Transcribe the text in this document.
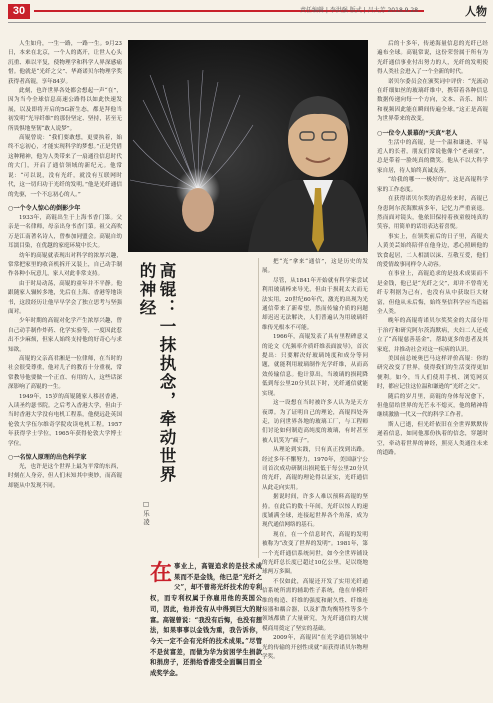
30	责任编辑 | 李洪强 版式 | 吕大芳 2018.9.28	人物

人生如舟，一生一路，一路一生。9月23日，本来在北京，一个人的离开，让世人心头沉重、难以平复，使物理学和科学人界深感痛惜。他就是“光纤之父”、华裔诺贝尔物理学奖获得者高锟，享年84岁。

此刻，也许世界各处都会想起一声“在”，因为当今全球信息高速公路得以如此快速发展，以及即将开启的5G新生态，都是拜他当初发明“光导纤维”的那份坚定、坚持，甚至无所畏惧地坚韧“敢人说梦”。

高锟曾说：“我们要敢想，更要执着，始终不忘初心，才能实现科学的梦想。”正是凭借这种精神，他为人类带来了一扇通往信息时代的大门，开启了通信领域的新纪元。他常说：“可以说，没有光纤，就没有互联网时代，这一切归功于光纤的发明。”他是光纤通信的先驱，一个不忘初心的人。”

○一个令人惊心的倒影少年

1933年，高锟出生于上海书香门第。父亲是一名律师，母亲出身书香门第。祖父高吹万是江南著名诗人，曾参加同盟会。高锟自幼耳濡目染，在优越的家庭环境中长大。

幼年的高锟就表现出对科学的浓厚兴趣，常常把家里的收音机拆开又装上，自己动手制作各种小玩意儿，家人对此非常支持。

由于时局动荡，高锟的童年并不平静。他跟随家人辗转多地，先后在上海、香港等地读书，这段经历让他早早学会了独立思考与坚强面对。

少年时期的高锟对化学产生浓厚兴趣，曾自己动手制作炸药、化学实验等，一度因此惹出不少麻烦，但家人始终支持他的好奇心与求知欲。

高锟的父亲高君湘是一位律师，在当时的社会很受尊重，他对儿子的教育十分重视，常常教导他要做一个正直、有用的人，这些话深深影响了高锟的一生。

1949年，15岁的高锟随家人移居香港，入读圣约瑟书院。之后考入香港大学，但由于当时香港大学没有电机工程系，他便远赴英国伦敦大学伍尔维奇学院攻读电机工程。1957年获得学士学位，1965年获得伦敦大学博士学位。

○一名惊人原理的出色科学家

光，也许是这个世界上最为平常的东西，时刻在人身旁，但人们未知其中奥妙，而高锟却能从中发现不同。

高锟：一抹执念，牵动世界的神经
□乐凌
在 事业上，高锟追求的是技术成果而不是金钱，他已是“光纤之父”，却不曾将光纤技术的专利权，而专利权属于你雇用他的英国公司，因此，他并没有从中得到巨大的财富。高锟曾说：“我没有后悔，也没有想法，如果事事以金钱为重，我告诉你，今天一定不会有光纤的技术成果。”尽管不是贫富差，而做为华为贫困学生捐款和捐房子，还捐给香港受全面瞩目而全成奖学金。

把“光”拿来“通信”，这是历史的发展。

尽管，从1841年开始就有科学家尝试利用玻璃棒来导光，但由于损耗太大而无法实用。20世纪60年代，激光的出现为光通信带来了新希望，然而传输介质的问题却迟迟无法解决，人们普遍认为用玻璃纤维传光根本不可能。

1966年，高锟发表了具有里程碑意义的论文《光频率介质纤维表面波导》，首次提出：只要解决好玻璃纯度和成分等问题，就能利用玻璃制作光学纤维，从而高效传输信息。他计算出，当玻璃的损耗降低到每公里20分贝以下时，光纤通信就能实现。

这一设想在当时被许多人认为是天方夜谭。为了证明自己的理论，高锟四处奔走，访问世界各地的玻璃工厂，与工程师们讨论如何制造高纯度的玻璃，有时甚至被人讥笑为“疯子”。

从理论到实践，只有真正找到出路。经过多年不懈努力，1970年，美国康宁公司首次成功研制出损耗低于每公里20分贝的光纤，高锟的理论得以证实，光纤通信从此走向实用。

据说时间，许多人难以预料高锟的坚持。在此后的数十年间，光纤以惊人的速度铺满全球，连接起世界各个角落，成为现代通信网络的基石。

现在，在一个信息时代，高锟的发明被称为“改变了世界的发明”。1981年，第一个光纤通信系统问世，如今全世界铺设的光纤总长度已超过10亿公里，足以绕地球两万多圈。

不仅如此，高锟还开发了实用光纤通信系统所需的辅助性子系统，他在单模纤维的构造、纤维的强度和耐久性、纤维连接器和耦合器，以及扩散均衡特性等多个领域都做了大量研究，为光纤通信的大规模商用奠定了坚实的基础。

2009年，高锟因“在光学通信领域中光的传输的开创性成就”而获得诺贝尔物理学奖。

后的十多年，传递海量信息的光纤已经遍布全球。高锟常说，这份荣誉属于所有为光纤通信事业付出努力的人，光纤的发明使得人类社会进入了一个全新的时代。

诺贝尔委员会在颁奖词中评价：“光流动在纤细如丝的玻璃纤维中，携带着各种信息数据传递向每一个方向，文本、音乐、图片和视频因此能在瞬间传遍全球。”这正是高锟为世界带来的改变。

○一位令人景慕的“天真”老人

生活中的高锟，是一个温和谦逊、平易近人的长者，朋友们常说他像个“老顽童”，总是带着一脸纯真的微笑。他从不以大科学家自居，待人始终真诚友善。

“给我的哪一一极好的”，这是高锟科学家的工作态度。

在获得诺贝尔奖的消息传来时，高锟已身患阿尔茨海默病多年，记忆力严重衰退。然而面对镜头，他依旧保持着孩童般纯真的笑容，用简单的话语表达着喜悦。

事实上，在领奖前后的日子里，高锟夫人黄美芸始终陪伴在他身边，悉心照顾他的饮食起居，二人相濡以沫、互敬互爱，他们的爱情故事同样令人动容。

在事业上，高锟追求的是技术成果而不是金钱，他已是“光纤之父”，却并不曾将光纤专利据为己有，也没有从中获取巨大财富，但他从未后悔，始终坚信科学应当造福全人类。

晚年的高锟将诺贝尔奖奖金的大部分用于治疗和研究阿尔茨海默病，夫妇二人还成立了“高锟慈善基金”，帮助更多的患者及其家庭，并推动社会对这一疾病的认识。

美国前总统奥巴马这样评价高锟：你的研究改变了世界，使得我们的生活变得更加便利。如今，当人们使用手机、浏览网页时，都应记住这位温和谦逊的“光纤之父”。

随后的岁月里，高锟的身体每况愈下，但他留给世界的光芒永不熄灭，他的精神将继续激励一代又一代的科学工作者。

斯人已逝，但光纤依旧在全世界默默传递着信息，如同他那份执着的信念，穿越时空，牵动着世界的神经，照亮人类通往未来的道路。
